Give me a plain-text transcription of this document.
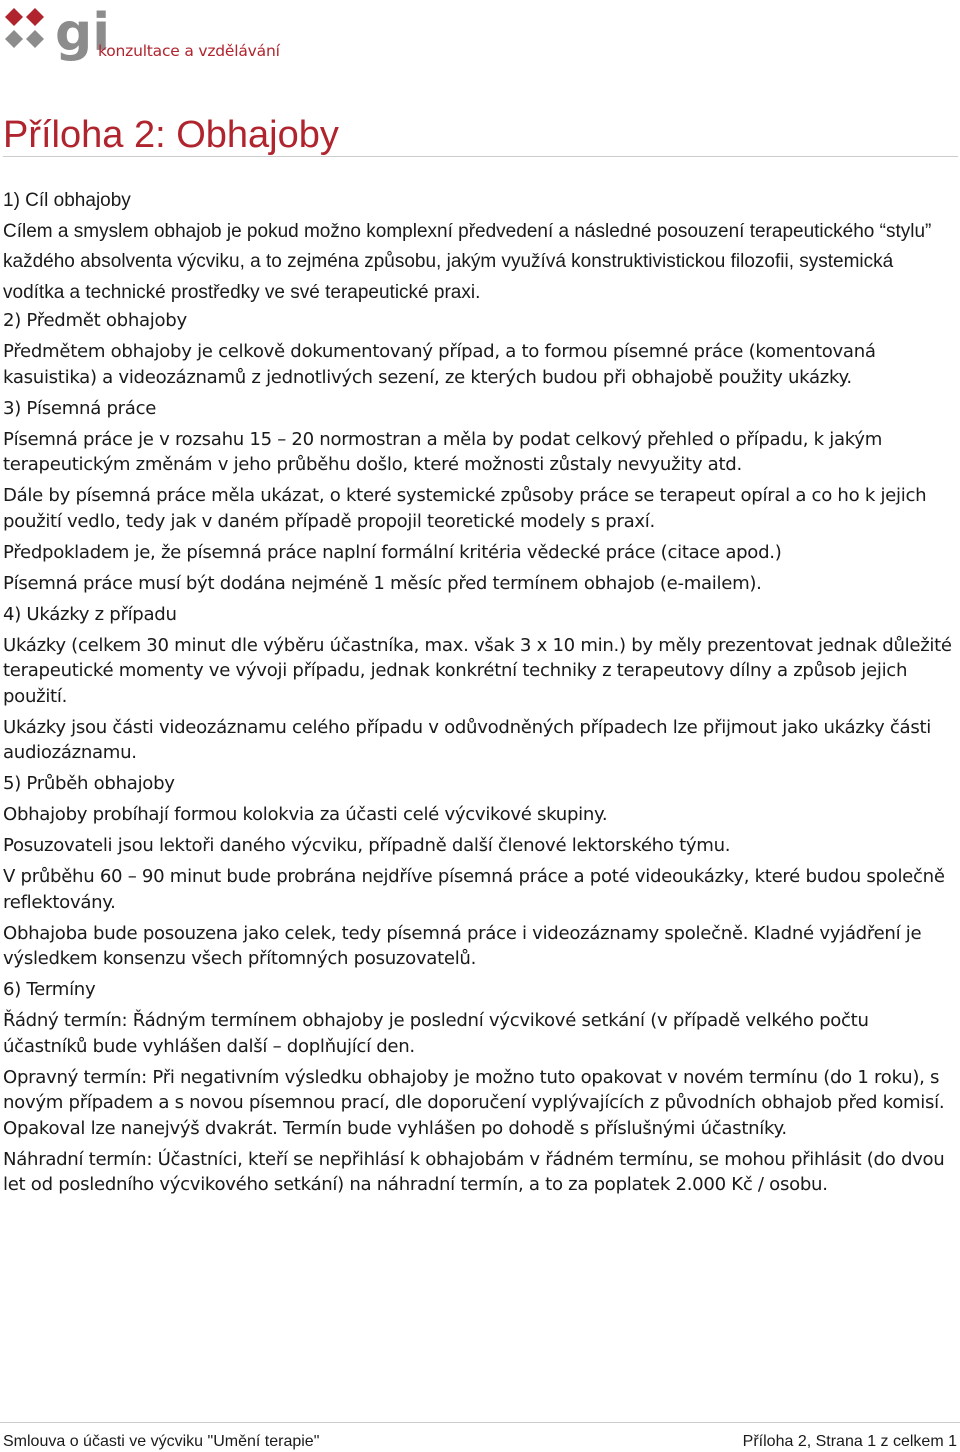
gi
konzultace a vzdělávání
Příloha 2: Obhajoby
1) Cíl obhajoby

Cílem a smyslem obhajob je pokud možno komplexní předvedení a následné posouzení terapeutického “stylu” každého absolventa výcviku, a to zejména způsobu, jakým využívá konstruktivistickou filozofii, systemická vodítka a technické prostředky ve své terapeutické praxi.

2) Předmět obhajoby

Předmětem obhajoby je celkově dokumentovaný případ, a to formou písemné práce (komentovaná kasuistika) a videozáznamů z jednotlivých sezení, ze kterých budou při obhajobě použity ukázky.

3) Písemná práce

Písemná práce je v rozsahu 15 – 20 normostran a měla by podat celkový přehled o případu, k jakým terapeutickým změnám v jeho průběhu došlo, které možnosti zůstaly nevyužity atd.

Dále by písemná práce měla ukázat, o které systemické způsoby práce se terapeut opíral a co ho k jejich použití vedlo, tedy jak v daném případě propojil teoretické modely s praxí.

Předpokladem je, že písemná práce naplní formální kritéria vědecké práce (citace apod.)

Písemná práce musí být dodána nejméně 1 měsíc před termínem obhajob (e-mailem).

4) Ukázky z případu

Ukázky (celkem 30 minut dle výběru účastníka, max. však 3 x 10 min.) by měly prezentovat jednak důležité terapeutické momenty ve vývoji případu, jednak konkrétní techniky z terapeutovy dílny a způsob jejich použití.

Ukázky jsou části videozáznamu celého případu v odůvodněných případech lze přijmout jako ukázky části audiozáznamu.

5) Průběh obhajoby

Obhajoby probíhají formou kolokvia za účasti celé výcvikové skupiny.

Posuzovateli jsou lektoři daného výcviku, případně další členové lektorského týmu.

V průběhu 60 – 90 minut bude probrána nejdříve písemná práce a poté videoukázky, které budou společně reflektovány.

Obhajoba bude posouzena jako celek, tedy písemná práce i videozáznamy společně. Kladné vyjádření je výsledkem konsenzu všech přítomných posuzovatelů.

6) Termíny

Řádný termín: Řádným termínem obhajoby je poslední výcvikové setkání (v případě velkého počtu účastníků bude vyhlášen další – doplňující den.

Opravný termín: Při negativním výsledku obhajoby je možno tuto opakovat v novém termínu (do 1 roku), s novým případem a s novou písemnou prací, dle doporučení vyplývajících z původních obhajob před komisí. Opakoval lze nanejvýš dvakrát. Termín bude vyhlášen po dohodě s příslušnými účastníky.

Náhradní termín: Účastníci, kteří se nepřihlásí k obhajobám v řádném termínu, se mohou přihlásit (do dvou let od posledního výcvikového setkání) na náhradní termín, a to za poplatek 2.000 Kč / osobu.

Smlouva o účasti ve výcviku "Umění terapie"	Příloha 2, Strana 1 z celkem 1
